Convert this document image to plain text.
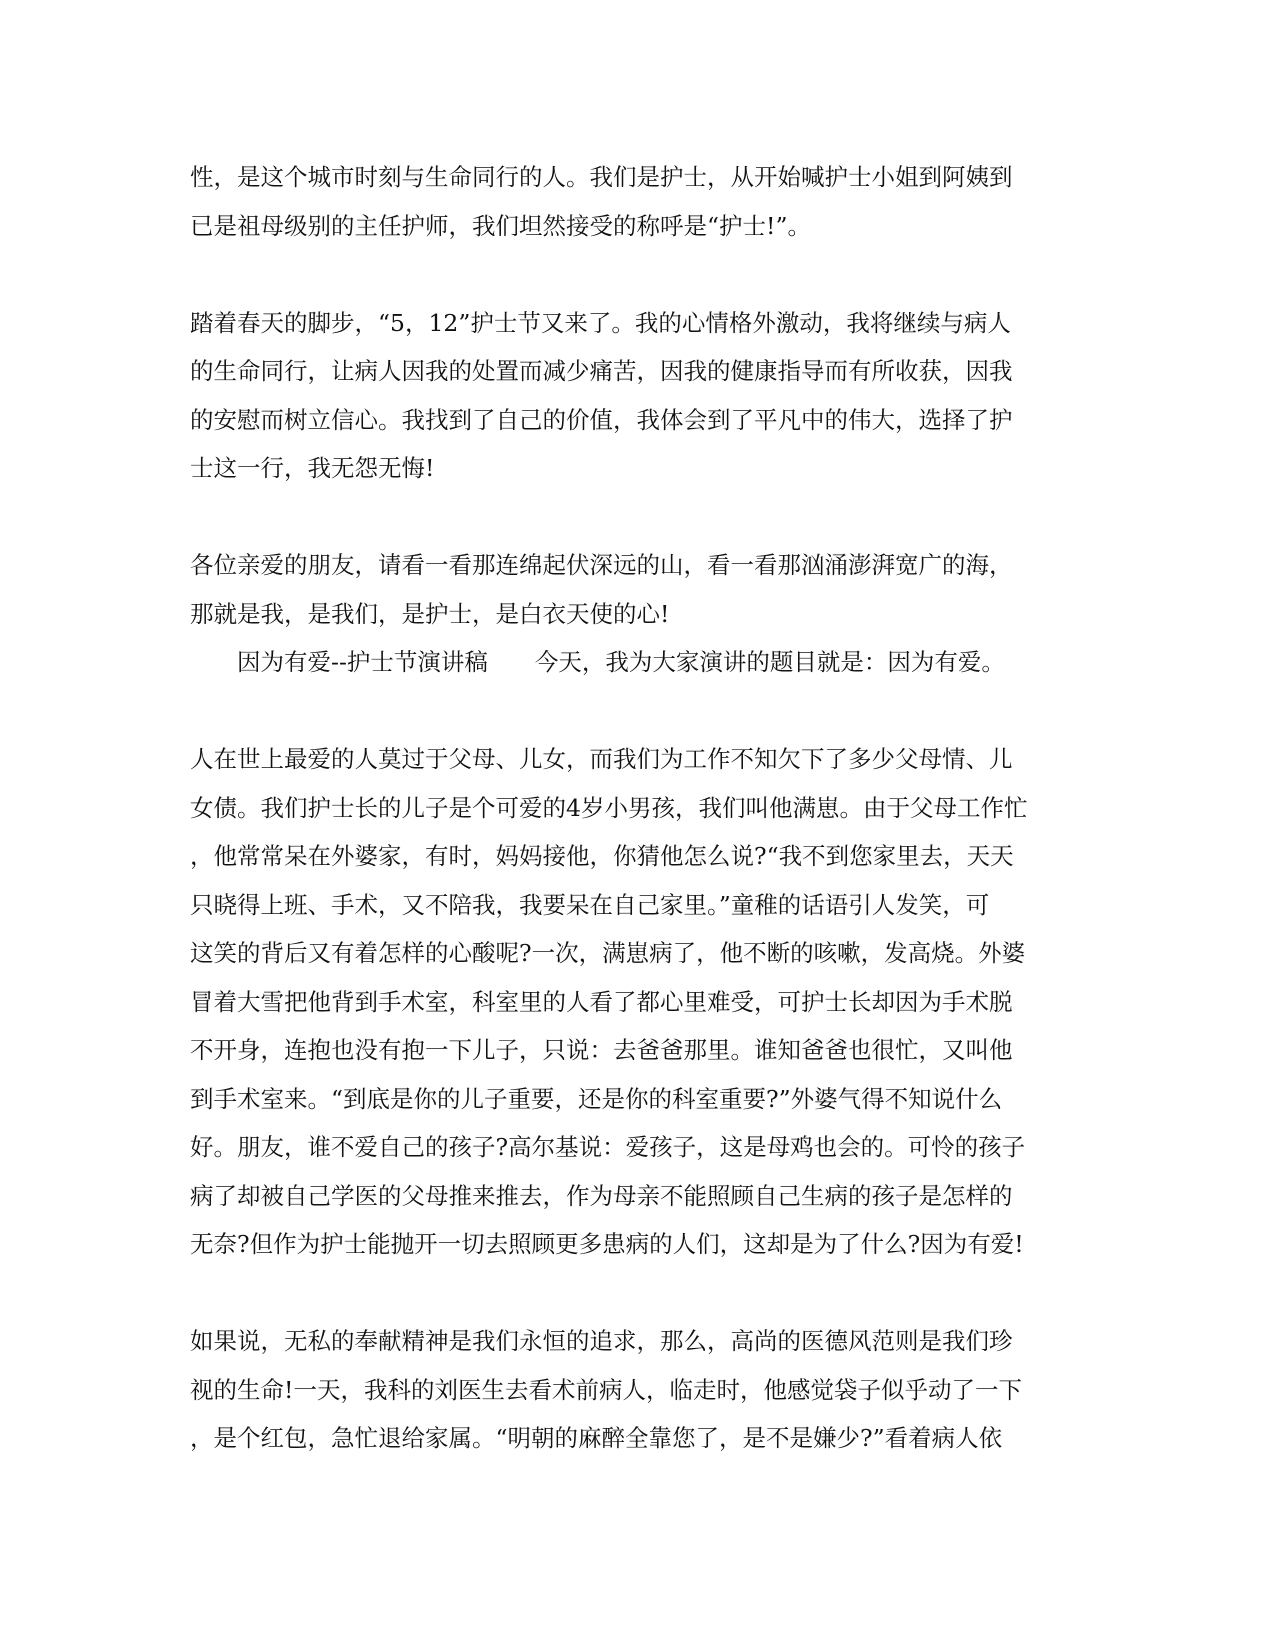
性，是这个城市时刻与生命同行的人。我们是护士，从开始喊护士小姐到阿姨到
已是祖母级别的主任护师，我们坦然接受的称呼是“护士!”。
踏着春天的脚步，“5，12”护士节又来了。我的心情格外激动，我将继续与病人
的生命同行，让病人因我的处置而减少痛苦，因我的健康指导而有所收获，因我
的安慰而树立信心。我找到了自己的价值，我体会到了平凡中的伟大，选择了护
士这一行，我无怨无悔!
各位亲爱的朋友，请看一看那连绵起伏深远的山，看一看那汹涌澎湃宽广的海，
那就是我，是我们，是护士，是白衣天使的心!
因为有爱--护士节演讲稿 今天，我为大家演讲的题目就是：因为有爱。
人在世上最爱的人莫过于父母、儿女，而我们为工作不知欠下了多少父母情、儿
女债。我们护士长的儿子是个可爱的4岁小男孩，我们叫他满崽。由于父母工作忙
，他常常呆在外婆家，有时，妈妈接他，你猜他怎么说?“我不到您家里去，天天
只晓得上班、手术，又不陪我，我要呆在自己家里。”童稚的话语引人发笑，可
这笑的背后又有着怎样的心酸呢?一次，满崽病了，他不断的咳嗽，发高烧。外婆
冒着大雪把他背到手术室，科室里的人看了都心里难受，可护士长却因为手术脱
不开身，连抱也没有抱一下儿子，只说：去爸爸那里。谁知爸爸也很忙，又叫他
到手术室来。“到底是你的儿子重要，还是你的科室重要?”外婆气得不知说什么
好。朋友，谁不爱自己的孩子?高尔基说：爱孩子，这是母鸡也会的。可怜的孩子
病了却被自己学医的父母推来推去，作为母亲不能照顾自己生病的孩子是怎样的
无奈?但作为护士能抛开一切去照顾更多患病的人们，这却是为了什么?因为有爱!
如果说，无私的奉献精神是我们永恒的追求，那么，高尚的医德风范则是我们珍
视的生命!一天，我科的刘医生去看术前病人，临走时，他感觉袋子似乎动了一下
，是个红包，急忙退给家属。“明朝的麻醉全靠您了，是不是嫌少?”看着病人依
